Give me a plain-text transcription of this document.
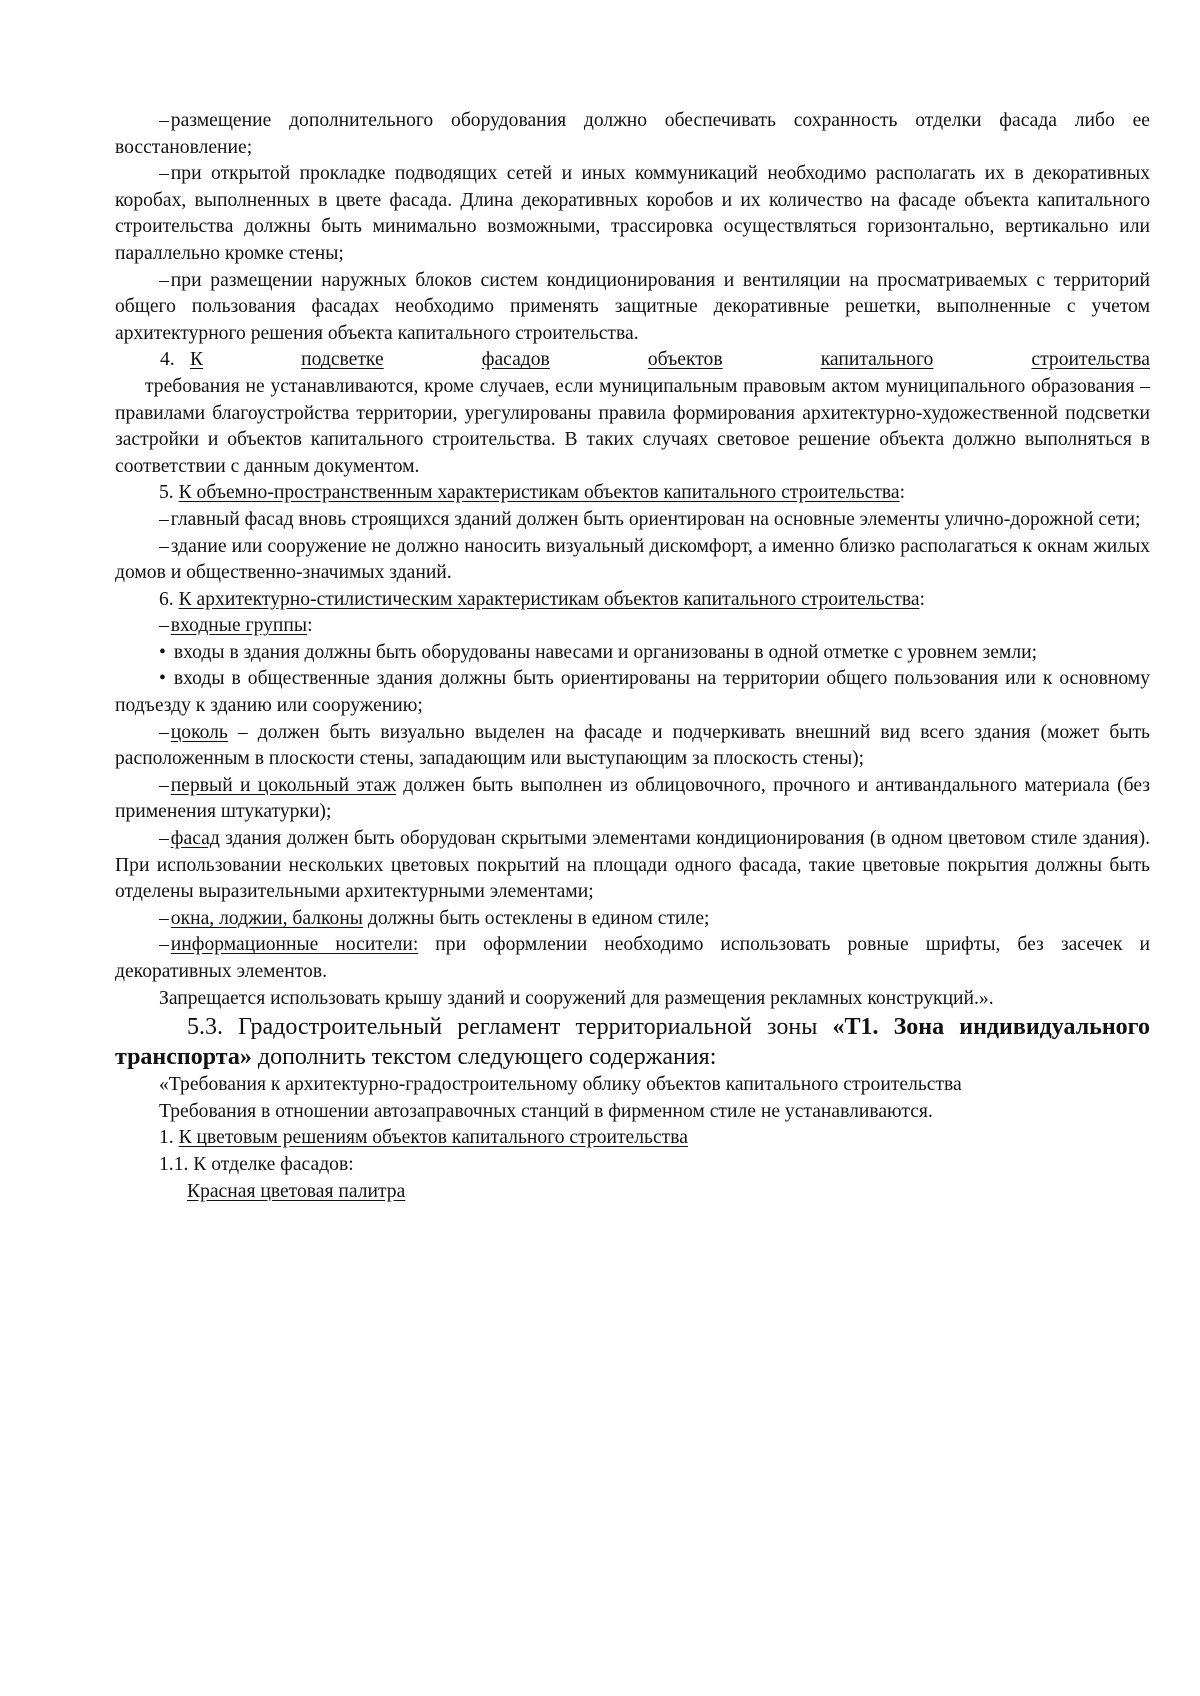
– размещение дополнительного оборудования должно обеспечивать сохранность отделки фасада либо ее восстановление;

– при открытой прокладке подводящих сетей и иных коммуникаций необходимо располагать их в декоративных коробах, выполненных в цвете фасада. Длина декоративных коробов и их количество на фасаде объекта капитального строительства должны быть минимально возможными, трассировка осуществляться горизонтально, вертикально или параллельно кромке стены;

– при размещении наружных блоков систем кондиционирования и вентиляции на просматриваемых с территорий общего пользования фасадах необходимо применять защитные декоративные решетки, выполненные с учетом архитектурного решения объекта капитального строительства.

4. К	подсветке	фасадов	объектов	капитального	строительства

требования не устанавливаются, кроме случаев, если муниципальным правовым актом муниципального образования – правилами благоустройства территории, урегулированы правила формирования архитектурно-художественной подсветки застройки и объектов капитального строительства. В таких случаях световое решение объекта должно выполняться в соответствии с данным документом.

5. К объемно-пространственным характеристикам объектов капитального строительства:

– главный фасад вновь строящихся зданий должен быть ориентирован на основные элементы улично-дорожной сети;

– здание или сооружение не должно наносить визуальный дискомфорт, а именно близко располагаться к окнам жилых домов и общественно-значимых зданий.

6. К архитектурно-стилистическим характеристикам объектов капитального строительства:

– входные группы:

• входы в здания должны быть оборудованы навесами и организованы в одной отметке с уровнем земли;

• входы в общественные здания должны быть ориентированы на территории общего пользования или к основному подъезду к зданию или сооружению;

– цоколь – должен быть визуально выделен на фасаде и подчеркивать внешний вид всего здания (может быть расположенным в плоскости стены, западающим или выступающим за плоскость стены);

– первый и цокольный этаж должен быть выполнен из облицовочного, прочного и антивандального материала (без применения штукатурки);

– фасад здания должен быть оборудован скрытыми элементами кондиционирования (в одном цветовом стиле здания). При использовании нескольких цветовых покрытий на площади одного фасада, такие цветовые покрытия должны быть отделены выразительными архитектурными элементами;

– окна, лоджии, балконы должны быть остеклены в едином стиле;

– информационные носители: при оформлении необходимо использовать ровные шрифты, без засечек и декоративных элементов.

Запрещается использовать крышу зданий и сооружений для размещения рекламных конструкций.».

5.3. Градостроительный регламент территориальной зоны «Т1. Зона индивидуального транспорта» дополнить текстом следующего содержания:

«Требования к архитектурно-градостроительному облику объектов капитального строительства

Требования в отношении автозаправочных станций в фирменном стиле не устанавливаются.

1. К цветовым решениям объектов капитального строительства

1.1. К отделке фасадов:

Красная цветовая палитра
